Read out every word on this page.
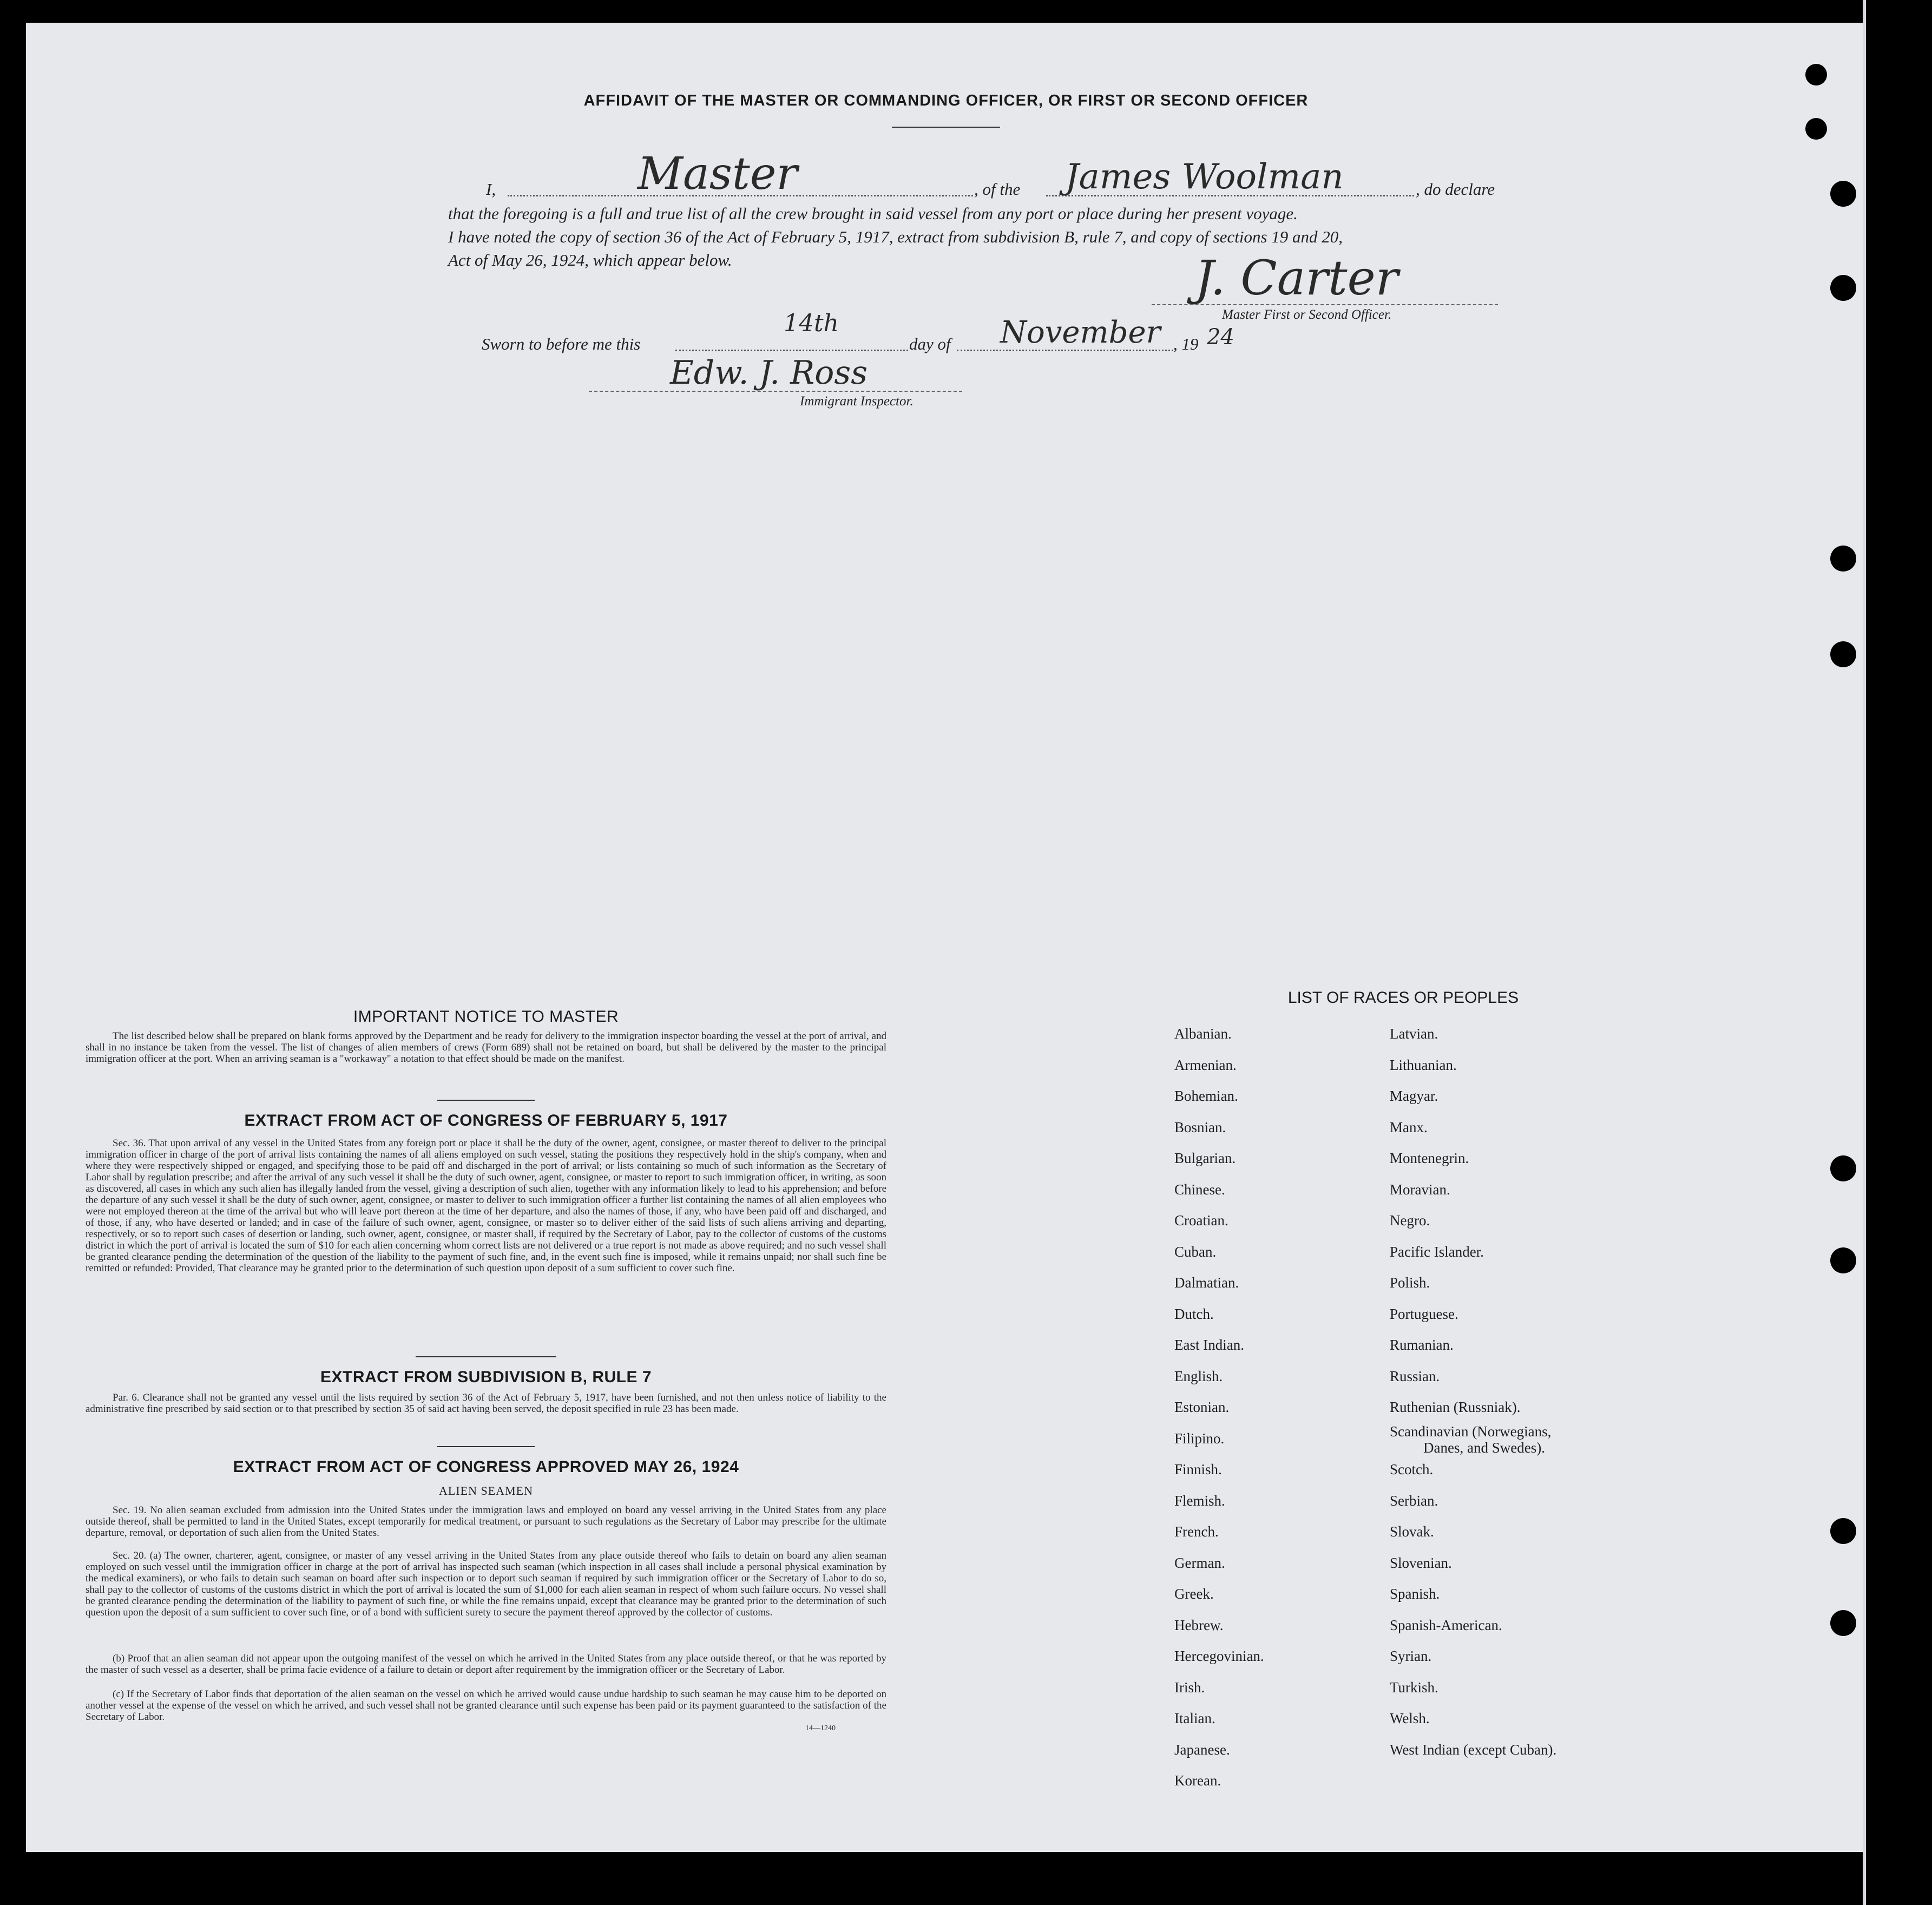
AFFIDAVIT OF THE MASTER OR COMMANDING OFFICER, OR FIRST OR SECOND OFFICER
I,	Master	, of the James Woolman	, do declare
that the foregoing is a full and true list of all the crew brought in said vessel from any port or place during her present voyage.
I have noted the copy of section 36 of the Act of February 5, 1917, extract from subdivision B, rule 7, and copy of sections 19 and 20,
Act of May 26, 1924, which appear below.	J. Carter
Master First or Second Officer.
Sworn to before me this
14th
day of November , 19 24
Edw. J. Ross
Immigrant Inspector.
IMPORTANT NOTICE TO MASTER
The list described below shall be prepared on blank forms approved by the Department and be ready for delivery to the immigration inspector boarding the vessel at the port of arrival, and shall in no instance be taken from the vessel. The list of changes of alien members of crews (Form 689) shall not be retained on board, but shall be delivered by the master to the principal immigration officer at the port. When an arriving seaman is a "workaway" a notation to that effect should be made on the manifest.
EXTRACT FROM ACT OF CONGRESS OF FEBRUARY 5, 1917
Sec. 36. That upon arrival of any vessel in the United States from any foreign port or place it shall be the duty of the owner, agent, consignee, or master thereof to deliver to the principal immigration officer in charge of the port of arrival lists containing the names of all aliens employed on such vessel, stating the positions they respectively hold in the ship's company, when and where they were respectively shipped or engaged, and specifying those to be paid off and discharged in the port of arrival; or lists containing so much of such information as the Secretary of Labor shall by regulation prescribe; and after the arrival of any such vessel it shall be the duty of such owner, agent, consignee, or master to report to such immigration officer, in writing, as soon as discovered, all cases in which any such alien has illegally landed from the vessel, giving a description of such alien, together with any information likely to lead to his apprehension; and before the departure of any such vessel it shall be the duty of such owner, agent, consignee, or master to deliver to such immigration officer a further list containing the names of all alien employees who were not employed thereon at the time of the arrival but who will leave port thereon at the time of her departure, and also the names of those, if any, who have been paid off and discharged, and of those, if any, who have deserted or landed; and in case of the failure of such owner, agent, consignee, or master so to deliver either of the said lists of such aliens arriving and departing, respectively, or so to report such cases of desertion or landing, such owner, agent, consignee, or master shall, if required by the Secretary of Labor, pay to the collector of customs of the customs district in which the port of arrival is located the sum of $10 for each alien concerning whom correct lists are not delivered or a true report is not made as above required; and no such vessel shall be granted clearance pending the determination of the question of the liability to the payment of such fine, and, in the event such fine is imposed, while it remains unpaid; nor shall such fine be remitted or refunded: Provided, That clearance may be granted prior to the determination of such question upon deposit of a sum sufficient to cover such fine.
EXTRACT FROM SUBDIVISION B, RULE 7
Par. 6. Clearance shall not be granted any vessel until the lists required by section 36 of the Act of February 5, 1917, have been furnished, and not then unless notice of liability to the administrative fine prescribed by said section or to that prescribed by section 35 of said act having been served, the deposit specified in rule 23 has been made.
EXTRACT FROM ACT OF CONGRESS APPROVED MAY 26, 1924
ALIEN SEAMEN
Sec. 19. No alien seaman excluded from admission into the United States under the immigration laws and employed on board any vessel arriving in the United States from any place outside thereof, shall be permitted to land in the United States, except temporarily for medical treatment, or pursuant to such regulations as the Secretary of Labor may prescribe for the ultimate departure, removal, or deportation of such alien from the United States.
Sec. 20. (a) The owner, charterer, agent, consignee, or master of any vessel arriving in the United States from any place outside thereof who fails to detain on board any alien seaman employed on such vessel until the immigration officer in charge at the port of arrival has inspected such seaman (which inspection in all cases shall include a personal physical examination by the medical examiners), or who fails to detain such seaman on board after such inspection or to deport such seaman if required by such immigration officer or the Secretary of Labor to do so, shall pay to the collector of customs of the customs district in which the port of arrival is located the sum of $1,000 for each alien seaman in respect of whom such failure occurs. No vessel shall be granted clearance pending the determination of the liability to payment of such fine, or while the fine remains unpaid, except that clearance may be granted prior to the determination of such question upon the deposit of a sum sufficient to cover such fine, or of a bond with sufficient surety to secure the payment thereof approved by the collector of customs.
(b) Proof that an alien seaman did not appear upon the outgoing manifest of the vessel on which he arrived in the United States from any place outside thereof, or that he was reported by the master of such vessel as a deserter, shall be prima facie evidence of a failure to detain or deport after requirement by the immigration officer or the Secretary of Labor.
(c) If the Secretary of Labor finds that deportation of the alien seaman on the vessel on which he arrived would cause undue hardship to such seaman he may cause him to be deported on another vessel at the expense of the vessel on which he arrived, and such vessel shall not be granted clearance until such expense has been paid or its payment guaranteed to the satisfaction of the Secretary of Labor.
14—1240
LIST OF RACES OR PEOPLES
Albanian.
Armenian.
Bohemian.
Bosnian.
Bulgarian.
Chinese.
Croatian.
Cuban.
Dalmatian.
Dutch.
East Indian.
English.
Estonian.
Filipino.
Finnish.
Flemish.
French.
German.
Greek.
Hebrew.
Hercegovinian.
Irish.
Italian.
Japanese.
Korean.
Latvian.
Lithuanian.
Magyar.
Manx.
Montenegrin.
Moravian.
Negro.
Pacific Islander.
Polish.
Portuguese.
Rumanian.
Russian.
Ruthenian (Russniak).
Scandinavian (Norwegians,
Danes, and Swedes).
Scotch.
Serbian.
Slovak.
Slovenian.
Spanish.
Spanish-American.
Syrian.
Turkish.
Welsh.
West Indian (except Cuban).
